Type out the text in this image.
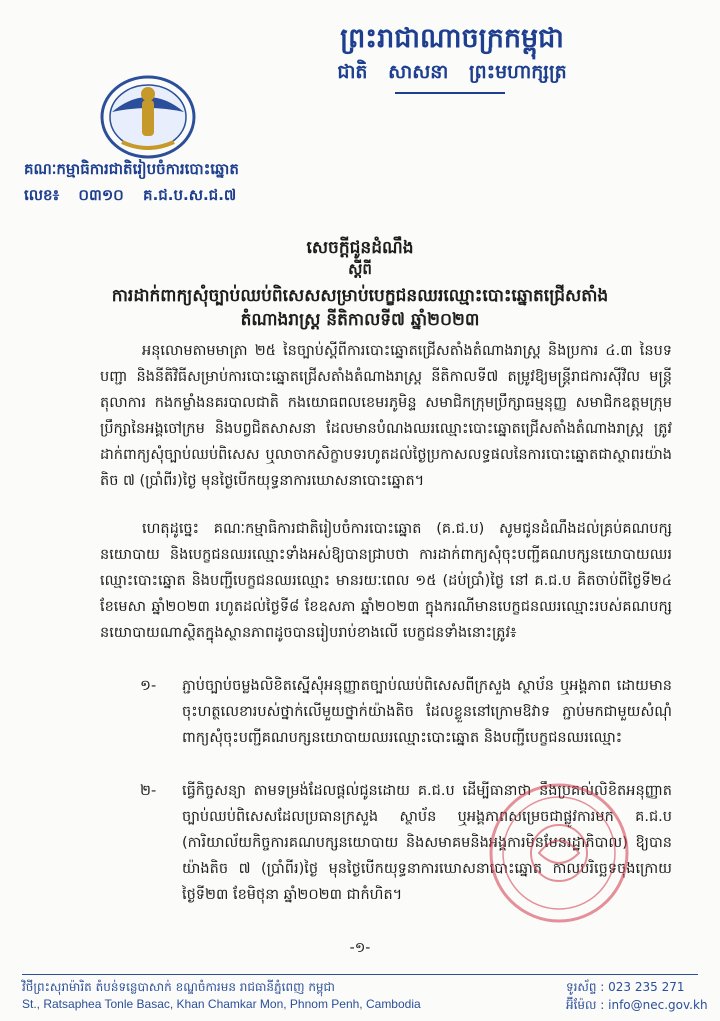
ព្រះរាជាណាចក្រកម្ពុជា
ជាតិ សាសនា ព្រះមហាក្សត្រ
គណៈកម្មាធិការជាតិរៀបចំការបោះឆ្នោត
លេខ៖ ០៣១០ គ.ជ.ប.ស.ជ.៧
សេចក្តីជូនដំណឹង
ស្តីពី
ការដាក់ពាក្យសុំច្បាប់ឈប់ពិសេសសម្រាប់បេក្ខជនឈរឈ្មោះបោះឆ្នោតជ្រើសតាំង
តំណាងរាស្ត្រ នីតិកាលទី៧ ឆ្នាំ២០២៣
អនុលោមតាមមាត្រា ២៥ នៃច្បាប់ស្តីពីការបោះឆ្នោតជ្រើសតាំងតំណាងរាស្ត្រ និងប្រការ ៤.៣ នៃបទបញ្ជា និងនីតិវិធីសម្រាប់ការបោះឆ្នោតជ្រើសតាំងតំណាងរាស្ត្រ នីតិកាលទី៧ តម្រូវឱ្យមន្ត្រីរាជការស៊ីវិល មន្ត្រីតុលាការ កងកម្លាំងនគរបាលជាតិ កងយោធពលខេមរភូមិន្ទ សមាជិកក្រុមប្រឹក្សាធម្មនុញ្ញ សមាជិកឧត្តមក្រុមប្រឹក្សានៃអង្គចៅក្រម និងបព្វជិតសាសនា ដែលមានបំណងឈរឈ្មោះបោះឆ្នោតជ្រើសតាំងតំណាងរាស្ត្រ ត្រូវដាក់ពាក្យសុំច្បាប់ឈប់ពិសេស ឬលាចាកសិក្ខាបទរហូតដល់ថ្ងៃប្រកាសលទ្ធផលនៃការបោះឆ្នោតជាស្ថាពរយ៉ាងតិច ៧ (ប្រាំពីរ)ថ្ងៃ មុនថ្ងៃបើកយុទ្ធនាការឃោសនាបោះឆ្នោត។
ហេតុដូច្នេះ គណៈកម្មាធិការជាតិរៀបចំការបោះឆ្នោត (គ.ជ.ប) សូមជូនដំណឹងដល់គ្រប់គណបក្សនយោបាយ និងបេក្ខជនឈរឈ្មោះទាំងអស់ឱ្យបានជ្រាបថា ការដាក់ពាក្យសុំចុះបញ្ជីគណបក្សនយោបាយឈរឈ្មោះបោះឆ្នោត និងបញ្ជីបេក្ខជនឈរឈ្មោះ មានរយៈពេល ១៥ (ដប់ប្រាំ)ថ្ងៃ នៅ គ.ជ.ប គិតចាប់ពីថ្ងៃទី២៤ ខែមេសា ឆ្នាំ២០២៣ រហូតដល់ថ្ងៃទី៨ ខែឧសភា ឆ្នាំ២០២៣ ក្នុងករណីមានបេក្ខជនឈរឈ្មោះរបស់គណបក្សនយោបាយណាស្ថិតក្នុងស្ថានភាពដូចបានរៀបរាប់ខាងលើ បេក្ខជនទាំងនោះត្រូវ៖
១-	ភ្ជាប់ច្បាប់ចម្លងលិខិតស្នើសុំអនុញ្ញាតច្បាប់ឈប់ពិសេសពីក្រសួង ស្ថាប័ន ឬអង្គភាព ដោយមានចុះហត្ថលេខារបស់ថ្នាក់លើមួយថ្នាក់យ៉ាងតិច ដែលខ្លួននៅក្រោមឱវាទ ភ្ជាប់មកជាមួយសំណុំពាក្យសុំចុះបញ្ជីគណបក្សនយោបាយឈរឈ្មោះបោះឆ្នោត និងបញ្ជីបេក្ខជនឈរឈ្មោះ
២-	ធ្វើកិច្ចសន្យា តាមទម្រង់ដែលផ្តល់ជូនដោយ គ.ជ.ប ដើម្បីធានាថា នឹងប្រគល់លិខិតអនុញ្ញាតច្បាប់ឈប់ពិសេសដែលប្រធានក្រសួង ស្ថាប័ន ឬអង្គភាពសម្រេចជាផ្លូវការមក គ.ជ.ប (ការិយាល័យកិច្ចការគណបក្សនយោបាយ និងសមាគមនិងអង្គការមិនមែនរដ្ឋាភិបាល) ឱ្យបានយ៉ាងតិច ៧ (ប្រាំពីរ)ថ្ងៃ មុនថ្ងៃបើកយុទ្ធនាការឃោសនាបោះឆ្នោត កាលបរិច្ឆេទចុងក្រោយ ថ្ងៃទី២៣ ខែមិថុនា ឆ្នាំ២០២៣ ជាកំហិត។
-១-
វិថីព្រះសុរាម៉ារិត តំបន់ទន្លេបាសាក់ ខណ្ឌចំការមន រាជធានីភ្នំពេញ កម្ពុជា
St., Ratsaphea Tonle Basac, Khan Chamkar Mon, Phnom Penh, Cambodia
ទូរស័ព្ទ : 023 235 271
អ៊ីម៉ែល : info@nec.gov.kh
